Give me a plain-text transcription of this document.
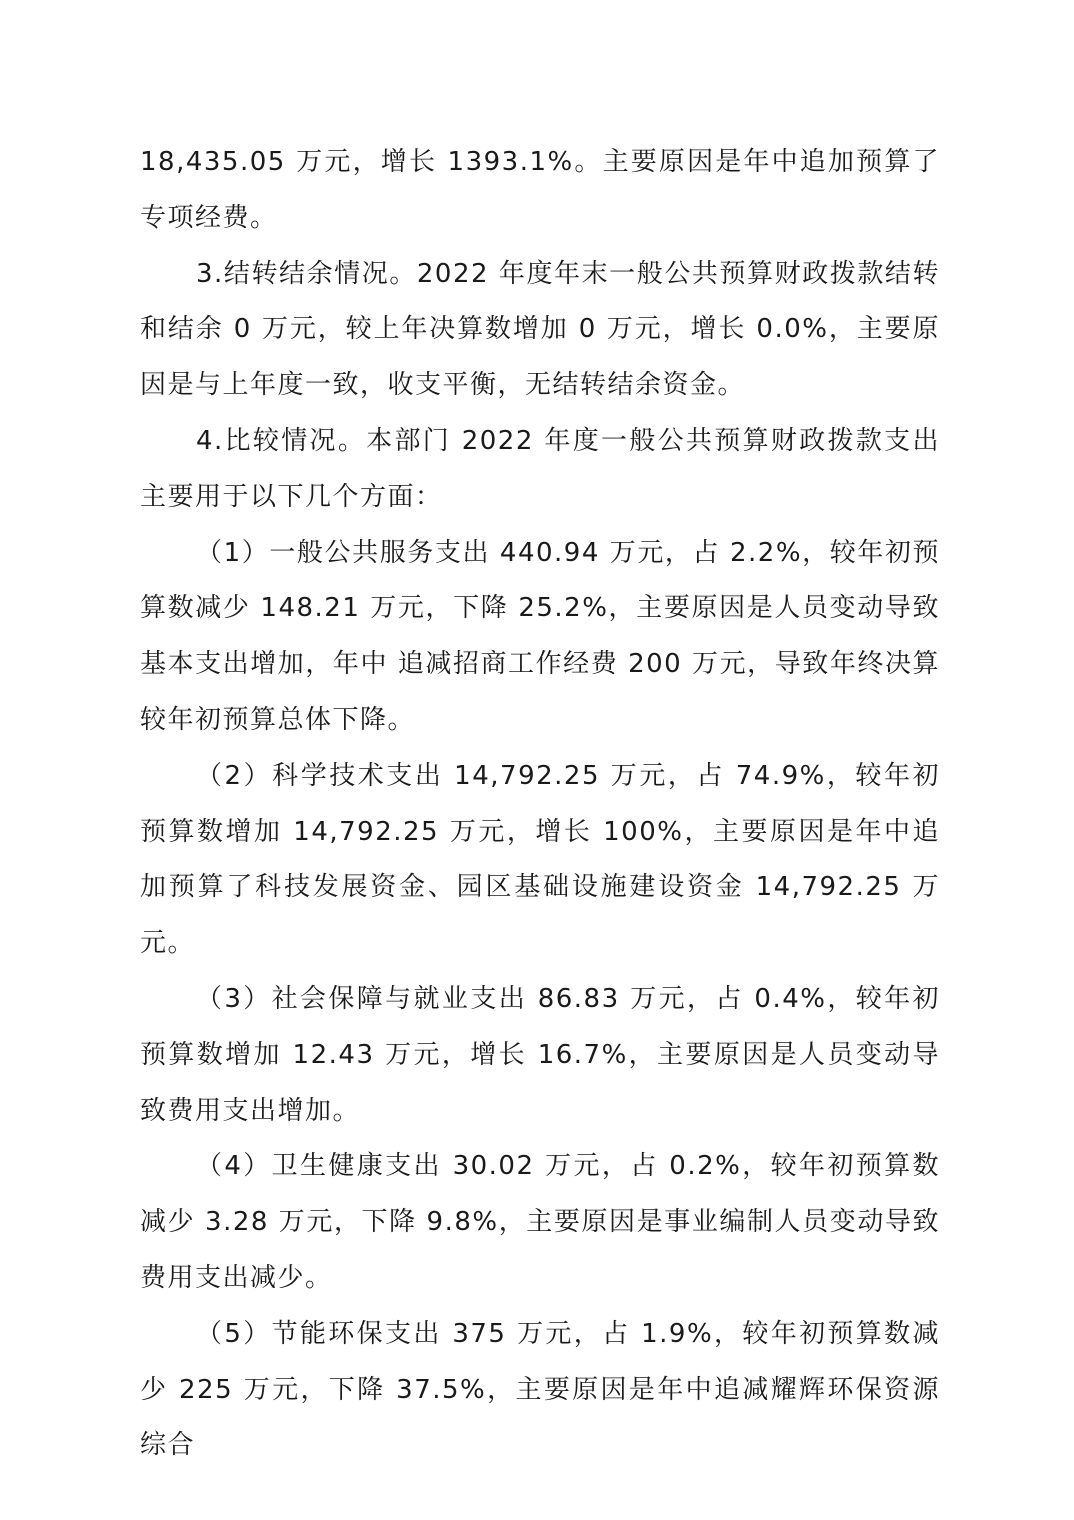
18,435.05 万元，增长 1393.1%。主要原因是年中追加预算了专项经费。

3.结转结余情况。2022 年度年末一般公共预算财政拨款结转和结余 0 万元，较上年决算数增加 0 万元，增长 0.0%，主要原因是与上年度一致，收支平衡，无结转结余资金。

4.比较情况。本部门 2022 年度一般公共预算财政拨款支出主要用于以下几个方面：

（1）一般公共服务支出 440.94 万元，占 2.2%，较年初预算数减少 148.21 万元，下降 25.2%，主要原因是人员变动导致基本支出增加，年中 追减招商工作经费 200 万元，导致年终决算较年初预算总体下降。

（2）科学技术支出 14,792.25 万元，占 74.9%，较年初预算数增加 14,792.25 万元，增长 100%，主要原因是年中追加预算了科技发展资金、园区基础设施建设资金 14,792.25 万元。

（3）社会保障与就业支出 86.83 万元，占 0.4%，较年初预算数增加 12.43 万元，增长 16.7%，主要原因是人员变动导致费用支出增加。

（4）卫生健康支出 30.02 万元，占 0.2%，较年初预算数减少 3.28 万元，下降 9.8%，主要原因是事业编制人员变动导致费用支出减少。

（5）节能环保支出 375 万元，占 1.9%，较年初预算数减少 225 万元，下降 37.5%，主要原因是年中追减耀辉环保资源综合
